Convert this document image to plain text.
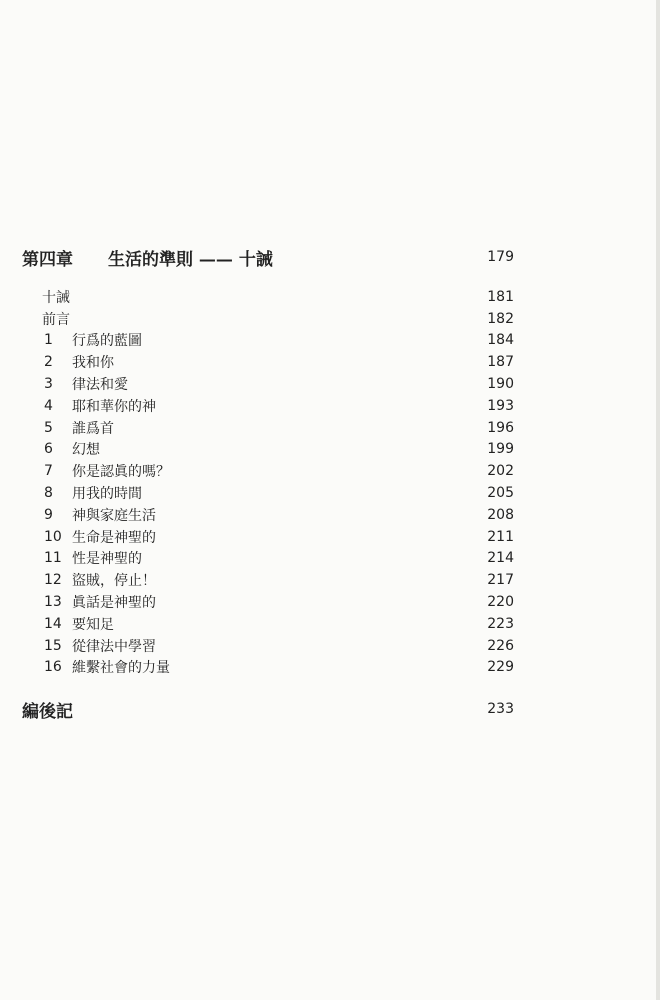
第四章	生活的準則 —— 十誡	179
十誡	181
前言	182
1	行爲的藍圖	184
2	我和你	187
3	律法和愛	190
4	耶和華你的神	193
5	誰爲首	196
6	幻想	199
7	你是認眞的嗎？	202
8	用我的時間	205
9	神與家庭生活	208
10 生命是神聖的	211
11 性是神聖的	214
12 盜賊，停止！	217
13 眞話是神聖的	220
14 要知足	223
15 從律法中學習	226
16 維繫社會的力量	229
編後記	233
